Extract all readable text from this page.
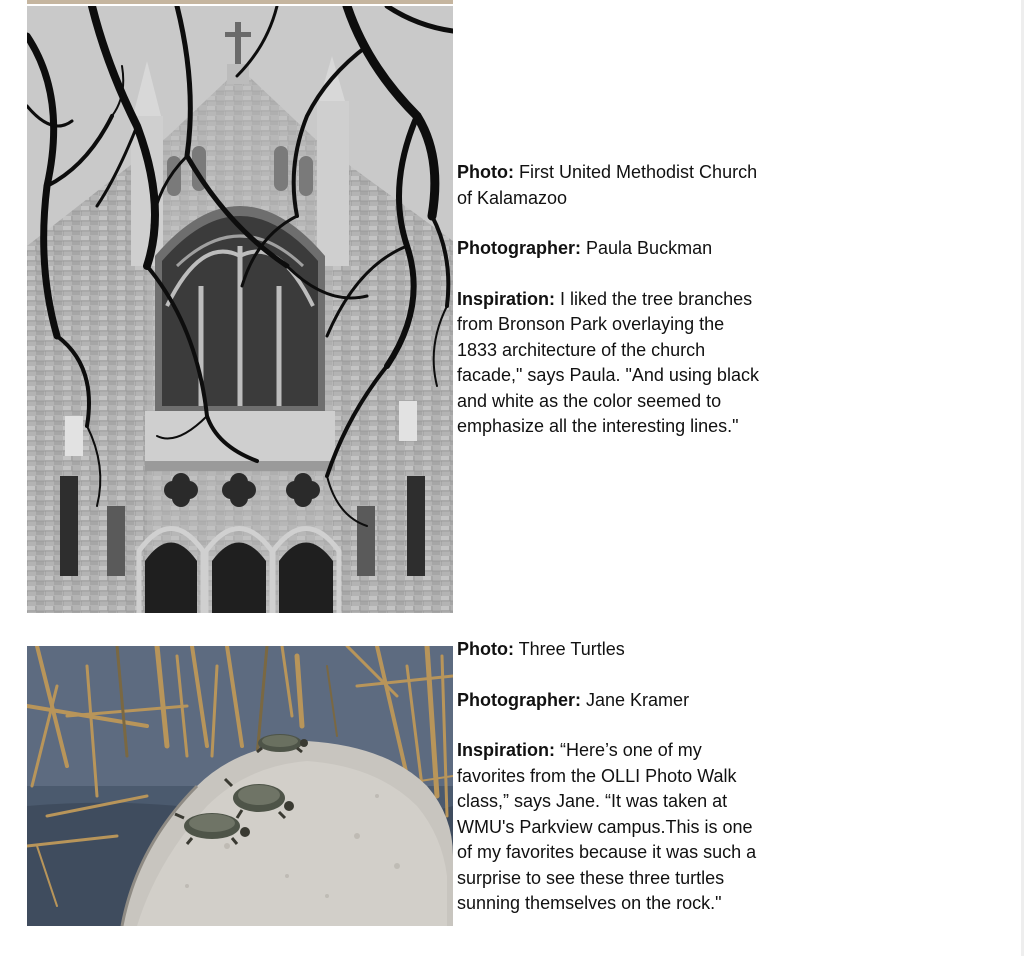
Photo: First United Methodist Church of Kalamazoo

Photographer: Paula Buckman

Inspiration: I liked the tree branches from Bronson Park overlaying the 1833 architecture of the church facade," says Paula. "And using black and white as the color seemed to emphasize all the interesting lines."

Photo: Three Turtles

Photographer: Jane Kramer

Inspiration: “Here’s one of my favorites from the OLLI Photo Walk class,” says Jane. “It was taken at WMU's Parkview campus.This is one of my favorites because it was such a surprise to see these three turtles sunning themselves on the rock."
